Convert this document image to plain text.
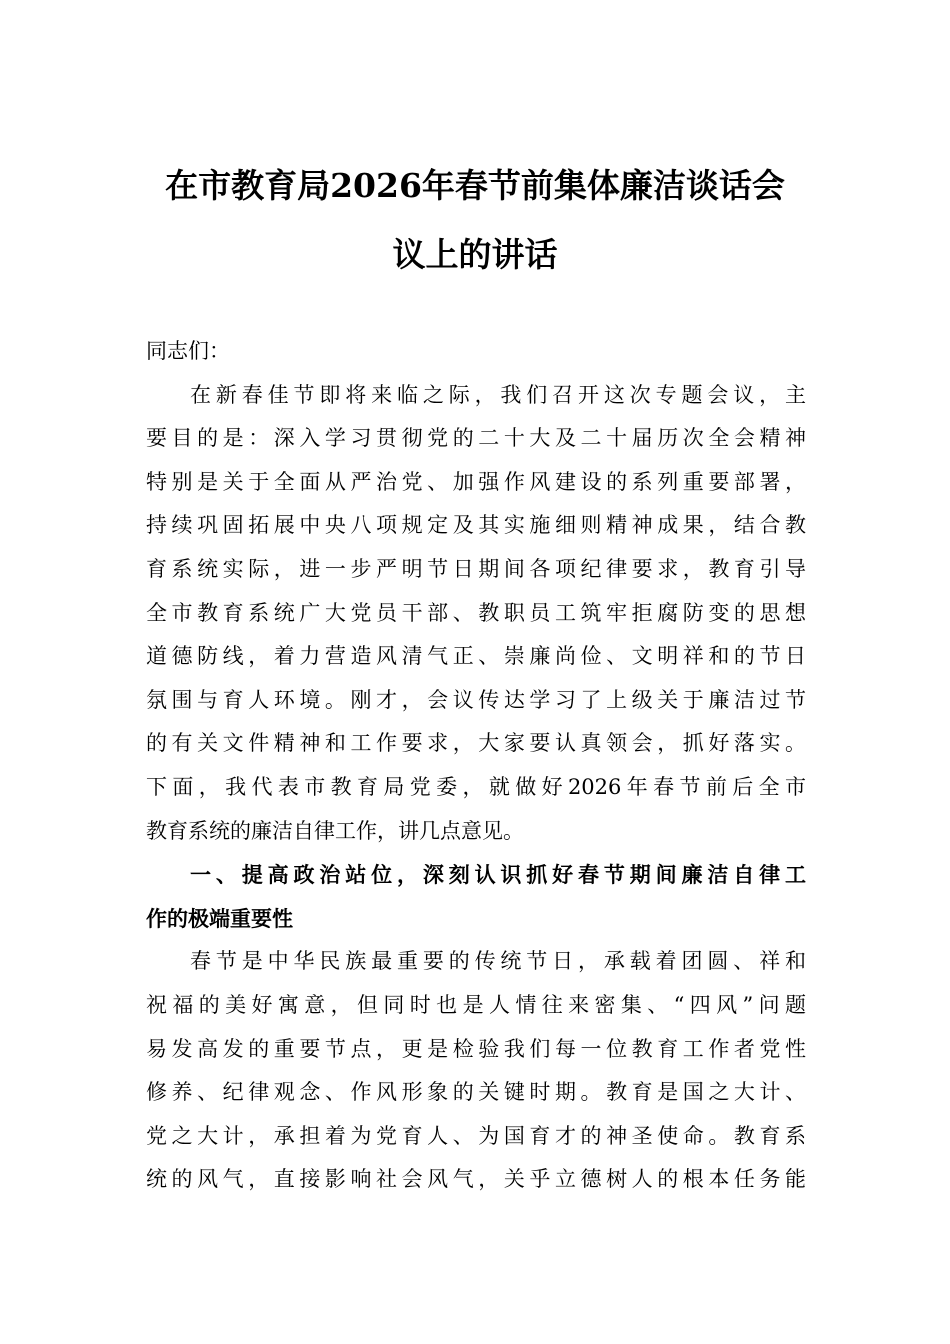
在市教育局2026年春节前集体廉洁谈话会
议上的讲话
同志们：
在新春佳节即将来临之际，我们召开这次专题会议，主
要目的是：深入学习贯彻党的二十大及二十届历次全会精神
特别是关于全面从严治党、加强作风建设的系列重要部署，
持续巩固拓展中央八项规定及其实施细则精神成果，结合教
育系统实际，进一步严明节日期间各项纪律要求，教育引导
全市教育系统广大党员干部、教职员工筑牢拒腐防变的思想
道德防线，着力营造风清气正、崇廉尚俭、文明祥和的节日
氛围与育人环境。刚才，会议传达学习了上级关于廉洁过节
的有关文件精神和工作要求，大家要认真领会，抓好落实。
下面，我代表市教育局党委，就做好2026年春节前后全市
教育系统的廉洁自律工作，讲几点意见。
一、提高政治站位，深刻认识抓好春节期间廉洁自律工
作的极端重要性
春节是中华民族最重要的传统节日，承载着团圆、祥和
祝福的美好寓意，但同时也是人情往来密集、“四风”问题
易发高发的重要节点，更是检验我们每一位教育工作者党性
修养、纪律观念、作风形象的关键时期。教育是国之大计、
党之大计，承担着为党育人、为国育才的神圣使命。教育系
统的风气，直接影响社会风气，关乎立德树人的根本任务能
